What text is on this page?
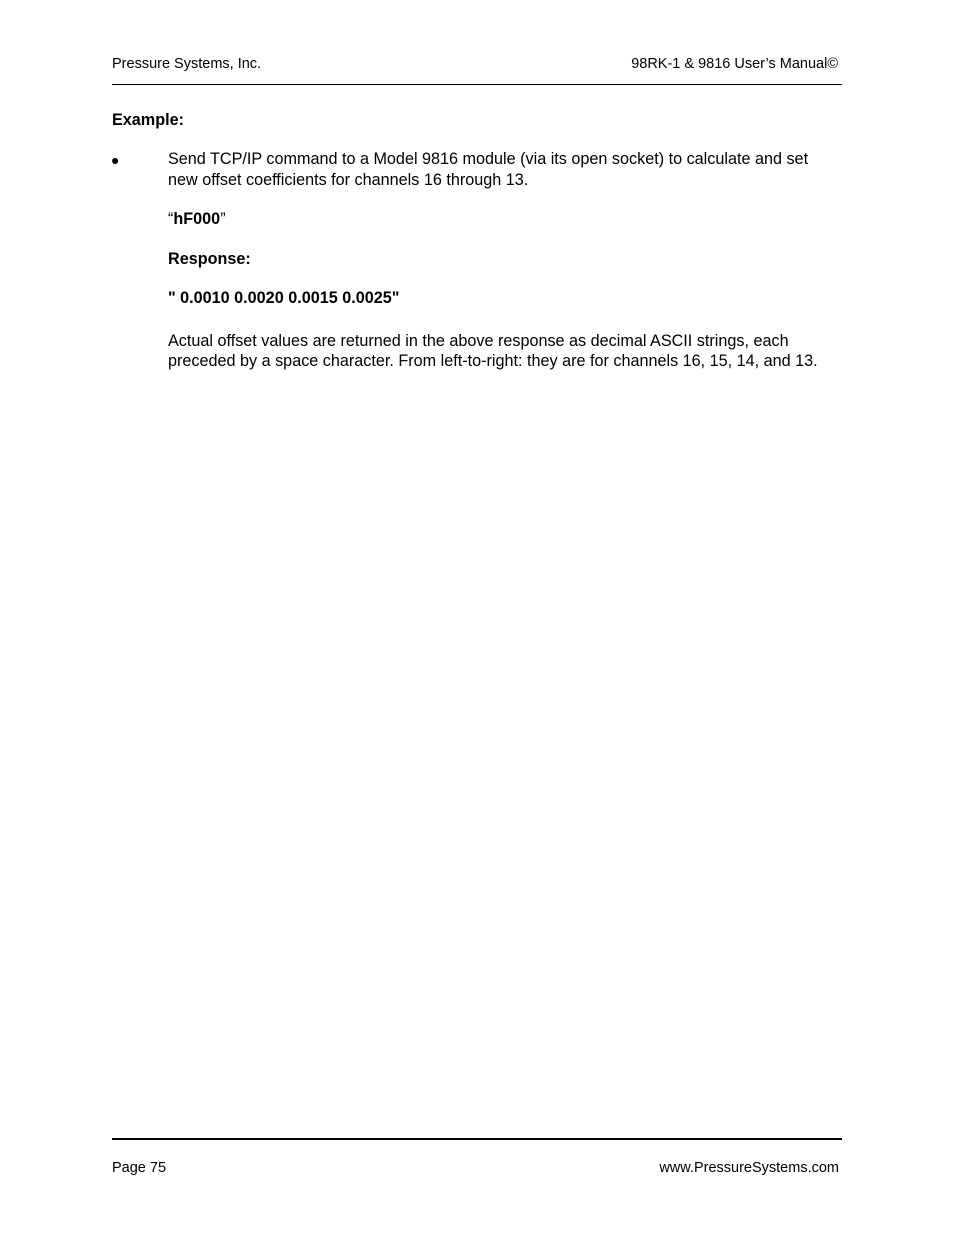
Pressure Systems, Inc.	98RK-1 & 9816 User’s Manual©
Example:
●	Send TCP/IP command to a Model 9816 module (via its open socket) to calculate and set new offset coefficients for channels 16 through 13.

“hF000”

Response:

" 0.0010 0.0020 0.0015 0.0025"

Actual offset values are returned in the above response as decimal ASCII strings, each preceded by a space character. From left-to-right: they are for channels 16, 15, 14, and 13.

Page 75	www.PressureSystems.com
